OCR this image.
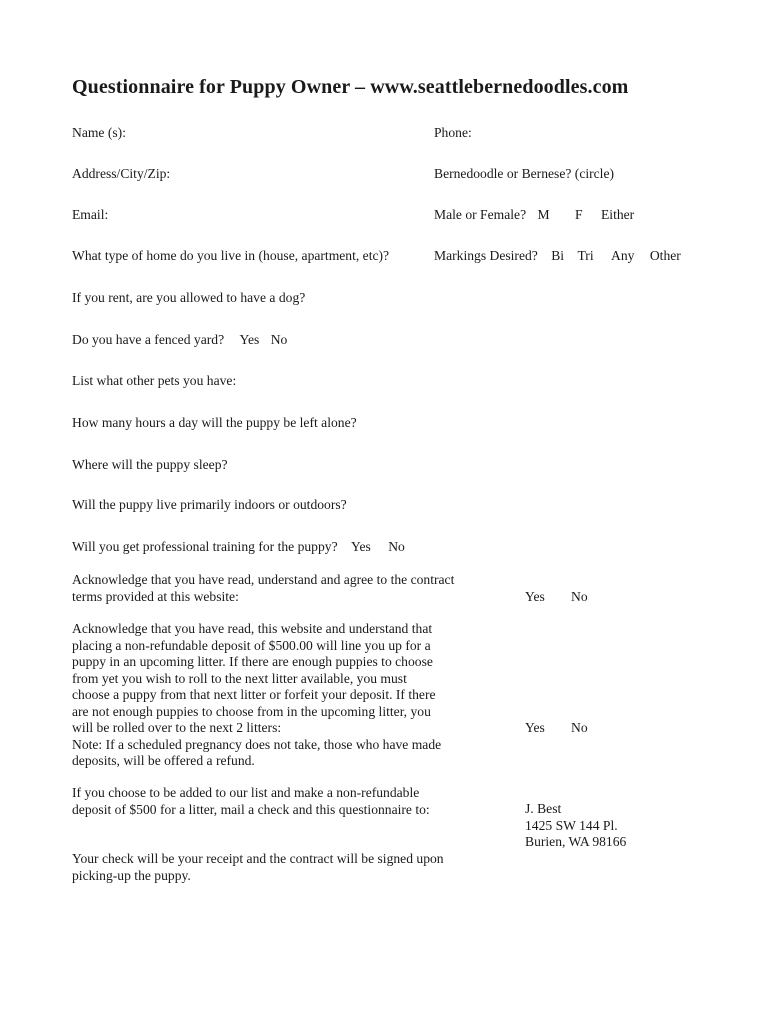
Questionnaire for Puppy Owner – www.seattlebernedoodles.com
Name (s):
Address/City/Zip:
Email:
What type of home do you live in (house, apartment, etc)?
If you rent, are you allowed to have a dog?
Do you have a fenced yard? Yes No
List what other pets you have:
How many hours a day will the puppy be left alone?
Where will the puppy sleep?
Will the puppy live primarily indoors or outdoors?
Will you get professional training for the puppy? Yes No
Phone:
Bernedoodle or Bernese? (circle)
Male or Female? M F Either
Markings Desired? Bi Tri Any Other
Acknowledge that you have read, understand and agree to the contract
terms provided at this website:	Yes No
Acknowledge that you have read, this website and understand that
placing a non-refundable deposit of $500.00 will line you up for a
puppy in an upcoming litter. If there are enough puppies to choose
from yet you wish to roll to the next litter available, you must
choose a puppy from that next litter or forfeit your deposit. If there
are not enough puppies to choose from in the upcoming litter, you
will be rolled over to the next 2 litters:
Note: If a scheduled pregnancy does not take, those who have made
deposits, will be offered a refund.
Yes No
If you choose to be added to our list and make a non-refundable
deposit of $500 for a litter, mail a check and this questionnaire to:	J. Best
1425 SW 144 Pl.
Burien, WA 98166
Your check will be your receipt and the contract will be signed upon
picking-up the puppy.
